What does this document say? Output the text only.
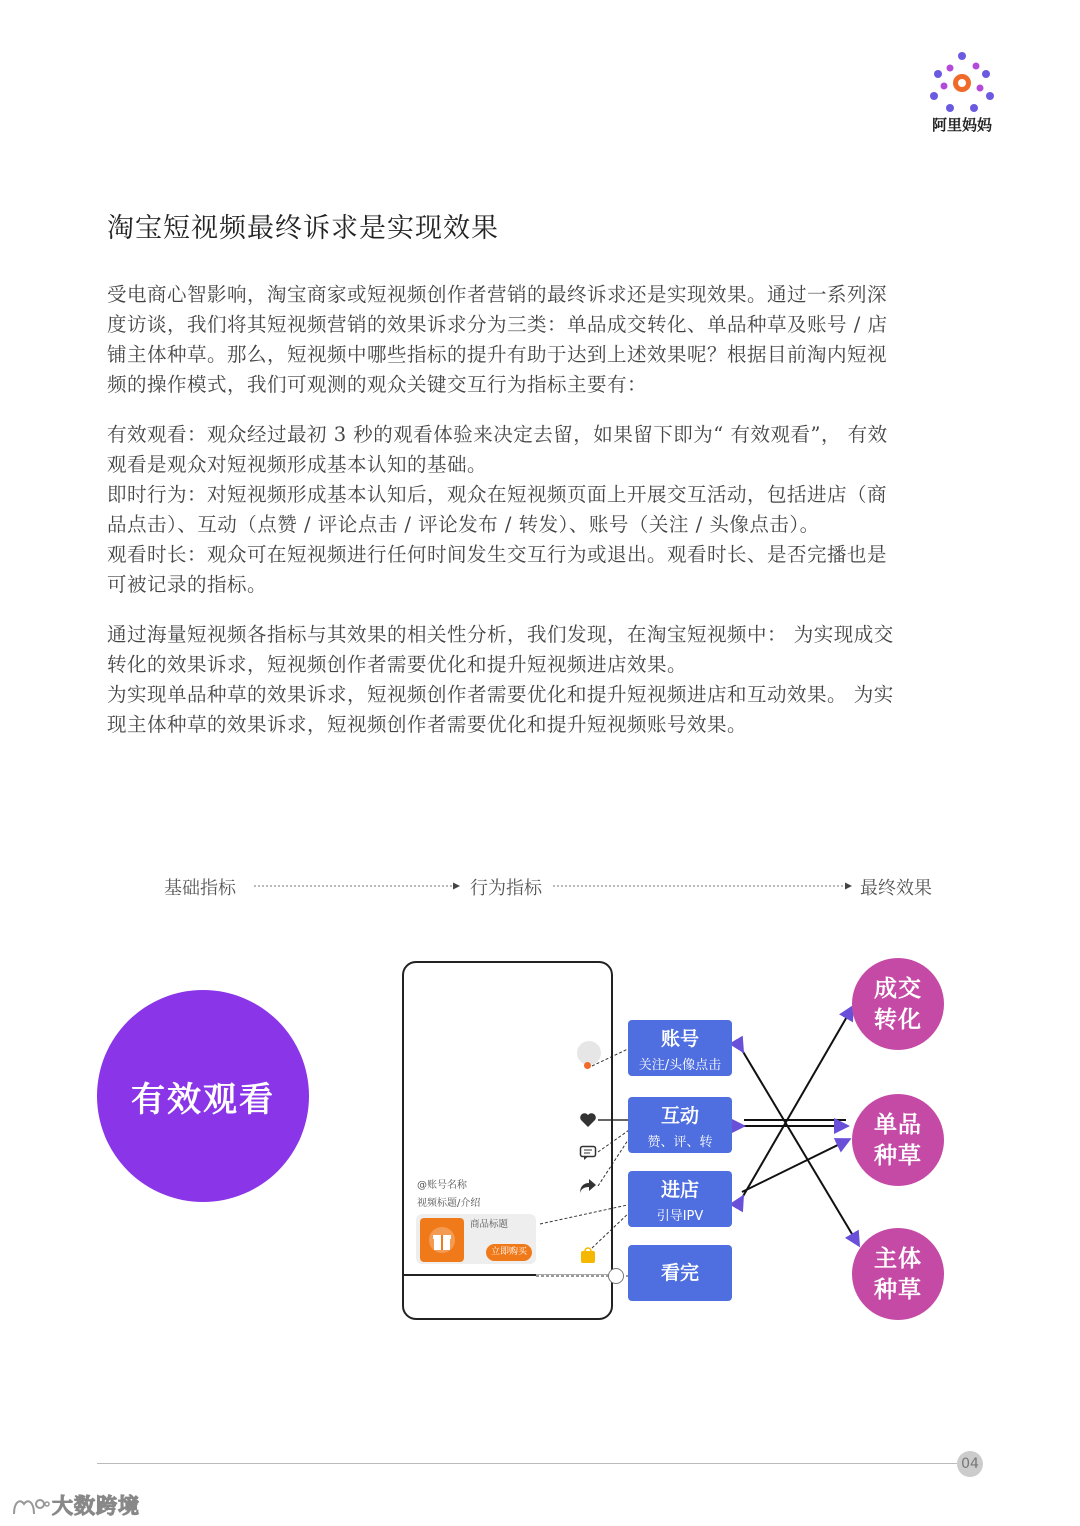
阿里妈妈
淘宝短视频最终诉求是实现效果
受电商心智影响，淘宝商家或短视频创作者营销的最终诉求还是实现效果。通过一系列深
度访谈，我们将其短视频营销的效果诉求分为三类：单品成交转化、单品种草及账号 / 店
铺主体种草。那么，短视频中哪些指标的提升有助于达到上述效果呢？根据目前淘内短视
频的操作模式，我们可观测的观众关键交互行为指标主要有：
有效观看：观众经过最初 3 秒的观看体验来决定去留，如果留下即为“ 有效观看”， 有效
观看是观众对短视频形成基本认知的基础。
即时行为：对短视频形成基本认知后，观众在短视频页面上开展交互活动，包括进店（商
品点击）、互动（点赞 / 评论点击 / 评论发布 / 转发）、账号（关注 / 头像点击）。
观看时长：观众可在短视频进行任何时间发生交互行为或退出。观看时长、是否完播也是
可被记录的指标。
通过海量短视频各指标与其效果的相关性分析，我们发现，在淘宝短视频中： 为实现成交
转化的效果诉求，短视频创作者需要优化和提升短视频进店效果。
为实现单品种草的效果诉求，短视频创作者需要优化和提升短视频进店和互动效果。 为实
现主体种草的效果诉求，短视频创作者需要优化和提升短视频账号效果。
基础指标	行为指标	最终效果
有效观看
@账号名称
视频标题/介绍
商品标题
立即购买
账号
关注/头像点击
互动
赞、评、转
进店
引导IPV
看完
成交
转化
单品
种草
主体
种草
04
大数跨境
